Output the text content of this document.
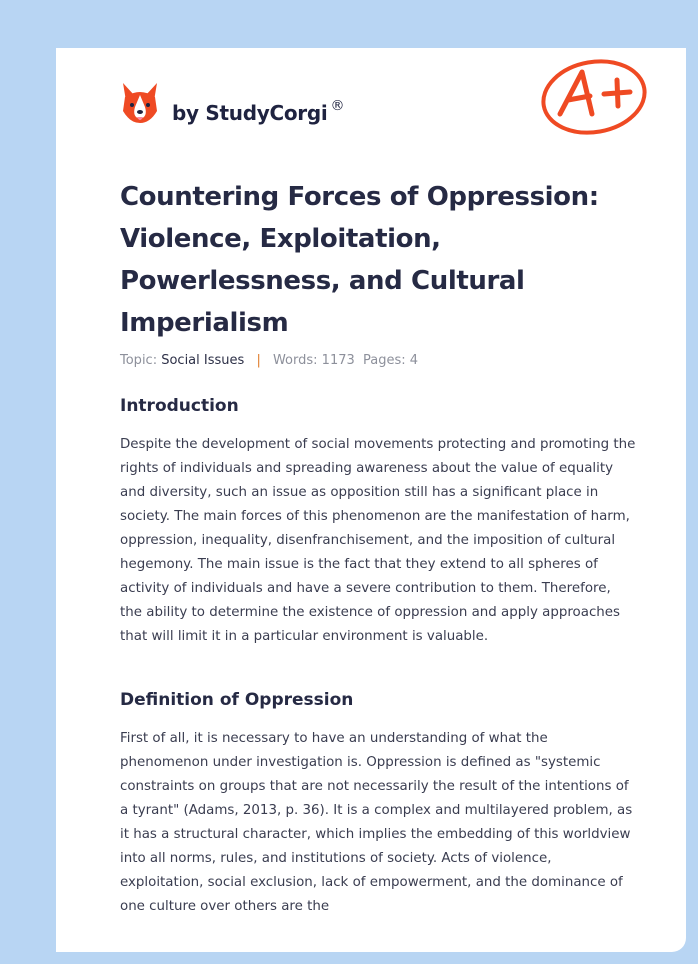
by StudyCorgi ®
Countering Forces of Oppression: Violence, Exploitation, Powerlessness, and Cultural Imperialism
Topic: Social Issues | Words: 1173 Pages: 4
Introduction

Despite the development of social movements protecting and promoting the rights of individuals and spreading awareness about the value of equality and diversity, such an issue as opposition still has a significant place in society. The main forces of this phenomenon are the manifestation of harm, oppression, inequality, disenfranchisement, and the imposition of cultural hegemony. The main issue is the fact that they extend to all spheres of activity of individuals and have a severe contribution to them. Therefore, the ability to determine the existence of oppression and apply approaches that will limit it in a particular environment is valuable.

Definition of Oppression

First of all, it is necessary to have an understanding of what the phenomenon under investigation is. Oppression is defined as "systemic constraints on groups that are not necessarily the result of the intentions of a tyrant" (Adams, 2013, p. 36). It is a complex and multilayered problem, as it has a structural character, which implies the embedding of this worldview into all norms, rules, and institutions of society. Acts of violence, exploitation, social exclusion, lack of empowerment, and the dominance of one culture over others are the
